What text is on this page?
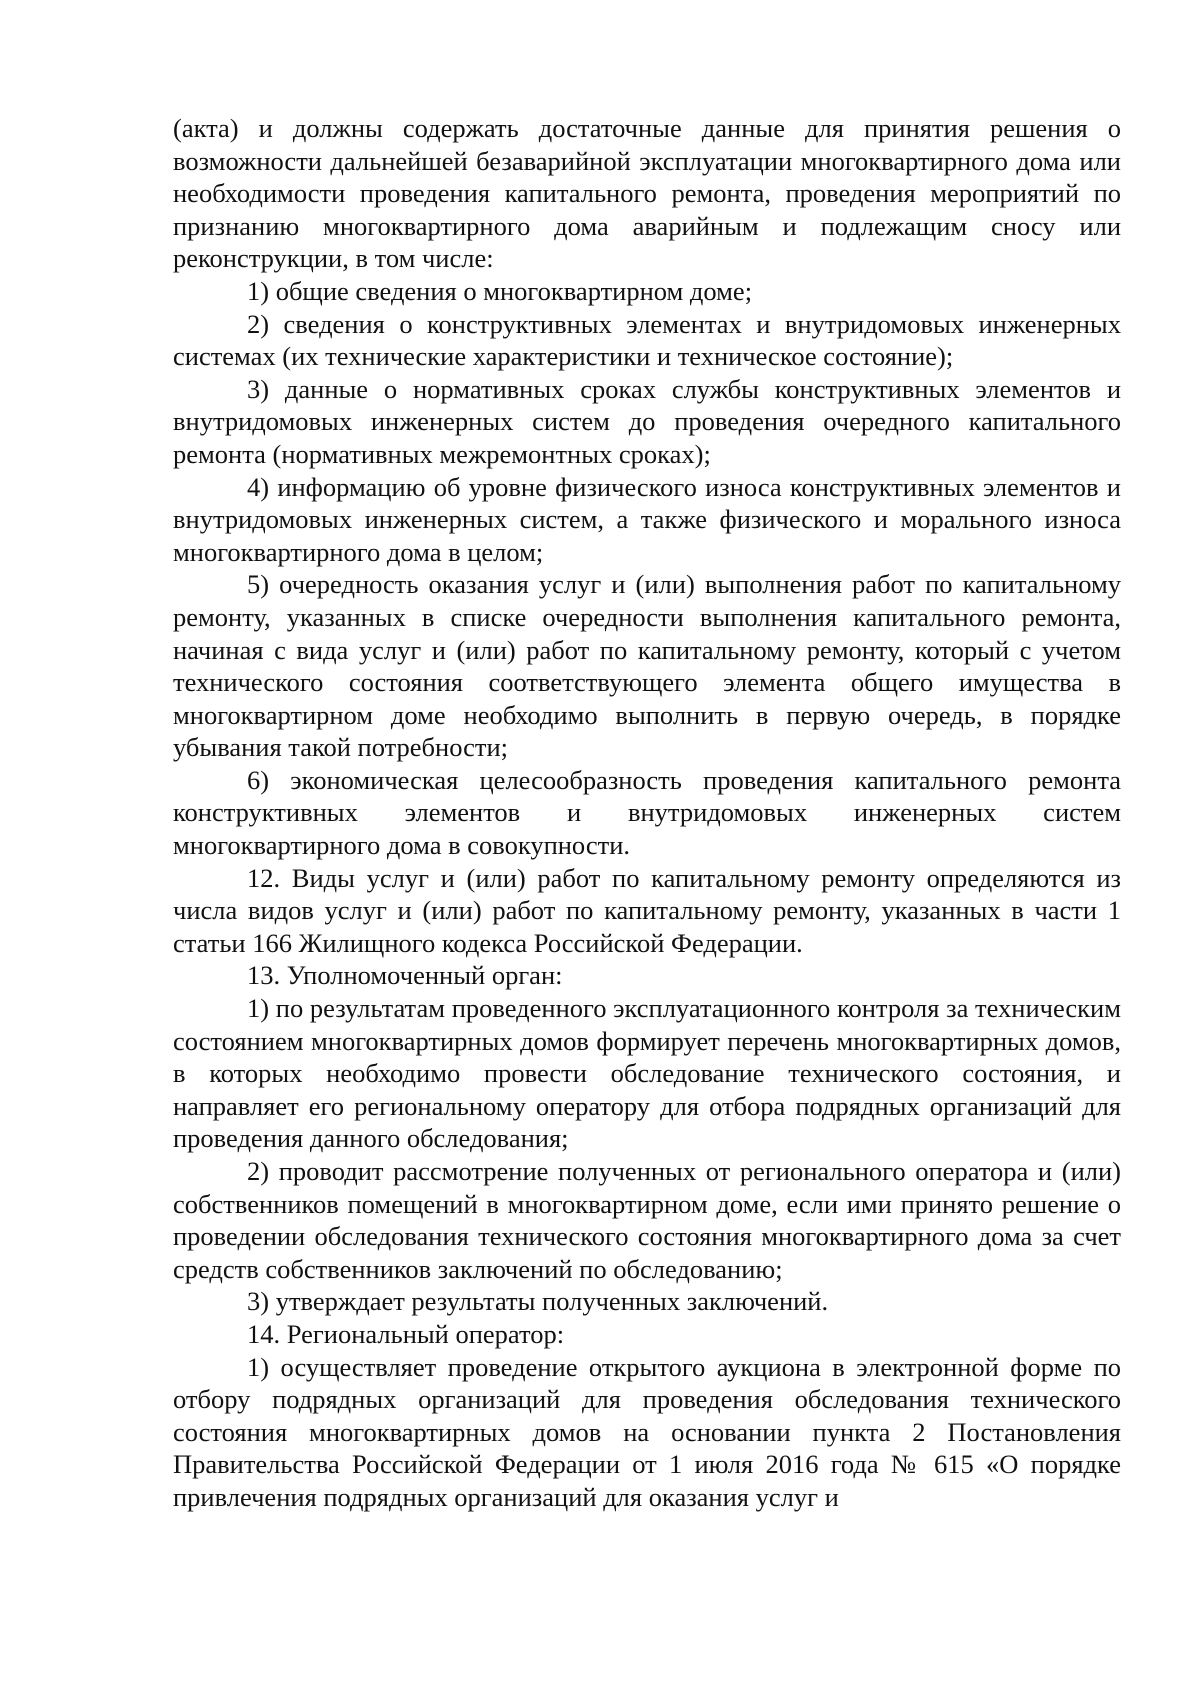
(акта) и должны содержать достаточные данные для принятия решения о возможности дальнейшей безаварийной эксплуатации многоквартирного дома или необходимости проведения капитального ремонта, проведения мероприятий по признанию многоквартирного дома аварийным и подлежащим сносу или реконструкции, в том числе:

1) общие сведения о многоквартирном доме;

2) сведения о конструктивных элементах и внутридомовых инженерных системах (их технические характеристики и техническое состояние);

3) данные о нормативных сроках службы конструктивных элементов и внутридомовых инженерных систем до проведения очередного капитального ремонта (нормативных межремонтных сроках);

4) информацию об уровне физического износа конструктивных элементов и внутридомовых инженерных систем, а также физического и морального износа многоквартирного дома в целом;

5) очередность оказания услуг и (или) выполнения работ по капитальному ремонту, указанных в списке очередности выполнения капитального ремонта, начиная с вида услуг и (или) работ по капитальному ремонту, который с учетом технического состояния соответствующего элемента общего имущества в многоквартирном доме необходимо выполнить в первую очередь, в порядке убывания такой потребности;

6) экономическая целесообразность проведения капитального ремонта конструктивных элементов и внутридомовых инженерных систем многоквартирного дома в совокупности.

12. Виды услуг и (или) работ по капитальному ремонту определяются из числа видов услуг и (или) работ по капитальному ремонту, указанных в части 1 статьи 166 Жилищного кодекса Российской Федерации.

13. Уполномоченный орган:

1) по результатам проведенного эксплуатационного контроля за техническим состоянием многоквартирных домов формирует перечень многоквартирных домов, в которых необходимо провести обследование технического состояния, и направляет его региональному оператору для отбора подрядных организаций для проведения данного обследования;

2) проводит рассмотрение полученных от регионального оператора и (или) собственников помещений в многоквартирном доме, если ими принято решение о проведении обследования технического состояния многоквартирного дома за счет средств собственников заключений по обследованию;

3) утверждает результаты полученных заключений.

14. Региональный оператор:

1) осуществляет проведение открытого аукциона в электронной форме по отбору подрядных организаций для проведения обследования технического состояния многоквартирных домов на основании пункта 2 Постановления Правительства Российской Федерации от 1 июля 2016 года № 615 «О порядке привлечения подрядных организаций для оказания услуг и
